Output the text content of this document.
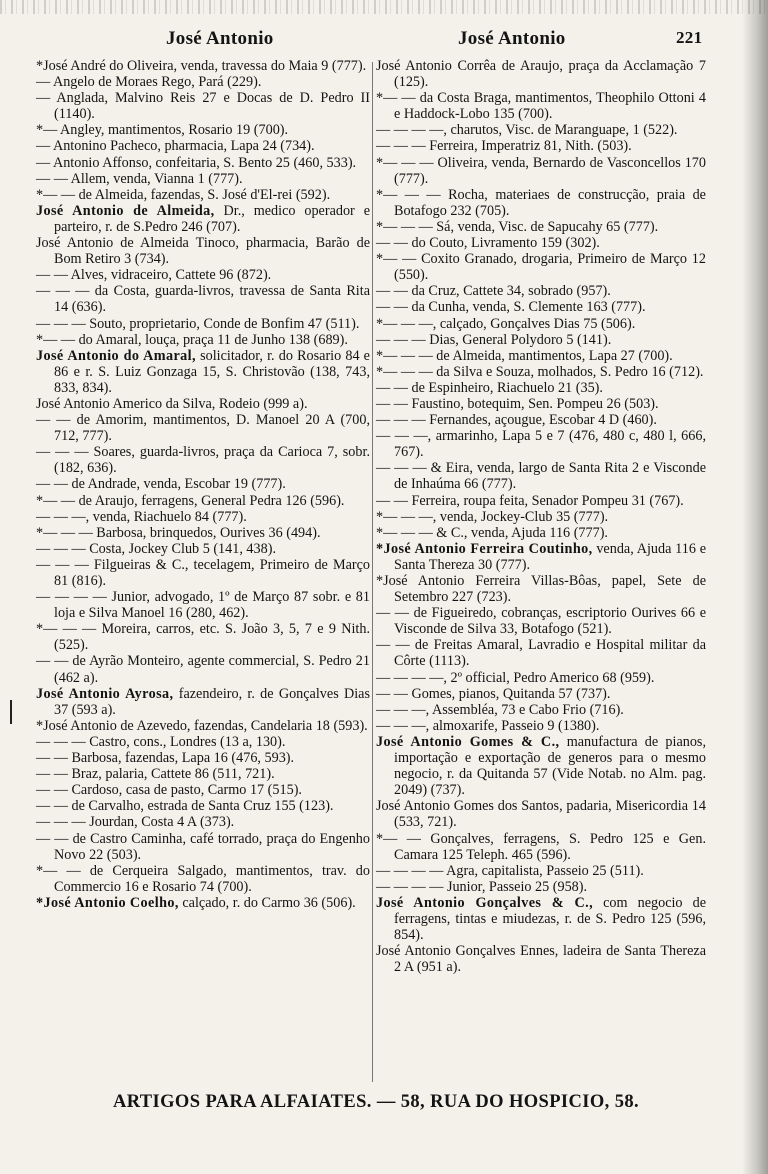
José Antonio	José Antonio	221

*José André do Oliveira, venda, travessa do Maia 9 (777).

— Angelo de Moraes Rego, Pará (229).

— Anglada, Malvino Reis 27 e Docas de D. Pedro II (1140).

*— Angley, mantimentos, Rosario 19 (700).

— Antonino Pacheco, pharmacia, Lapa 24 (734).

— Antonio Affonso, confeitaria, S. Bento 25 (460, 533).

— — Allem, venda, Vianna 1 (777).

*— — de Almeida, fazendas, S. José d'El-rei (592).

José Antonio de Almeida, Dr., medico operador e parteiro, r. de S.Pedro 246 (707).

José Antonio de Almeida Tinoco, pharmacia, Barão de Bom Retiro 3 (734).

— — Alves, vidraceiro, Cattete 96 (872).

— — — da Costa, guarda-livros, travessa de Santa Rita 14 (636).

— — — Souto, proprietario, Conde de Bonfim 47 (511).

*— — do Amaral, louça, praça 11 de Junho 138 (689).

José Antonio do Amaral, solicitador, r. do Rosario 84 e 86 e r. S. Luiz Gonzaga 15, S. Christovão (138, 743, 833, 834).

José Antonio Americo da Silva, Rodeio (999 a).

— — de Amorim, mantimentos, D. Manoel 20 A (700, 712, 777).

— — — Soares, guarda-livros, praça da Carioca 7, sobr. (182, 636).

— — de Andrade, venda, Escobar 19 (777).

*— — de Araujo, ferragens, General Pedra 126 (596).

— — —, venda, Riachuelo 84 (777).

*— — — Barbosa, brinquedos, Ourives 36 (494).

— — — Costa, Jockey Club 5 (141, 438).

— — — Filgueiras & C., tecelagem, Primeiro de Março 81 (816).

— — — — Junior, advogado, 1º de Março 87 sobr. e 81 loja e Silva Manoel 16 (280, 462).

*— — — Moreira, carros, etc. S. João 3, 5, 7 e 9 Nith. (525).

— — de Ayrão Monteiro, agente commercial, S. Pedro 21 (462 a).

José Antonio Ayrosa, fazendeiro, r. de Gonçalves Dias 37 (593 a).

*José Antonio de Azevedo, fazendas, Candelaria 18 (593).

— — — Castro, cons., Londres (13 a, 130).

— — Barbosa, fazendas, Lapa 16 (476, 593).

— — Braz, palaria, Cattete 86 (511, 721).

— — Cardoso, casa de pasto, Carmo 17 (515).

— — de Carvalho, estrada de Santa Cruz 155 (123).

— — — Jourdan, Costa 4 A (373).

— — de Castro Caminha, café torrado, praça do Engenho Novo 22 (503).

*— — de Cerqueira Salgado, mantimentos, trav. do Commercio 16 e Rosario 74 (700).

*José Antonio Coelho, calçado, r. do Carmo 36 (506).

José Antonio Corrêa de Araujo, praça da Acclamação 7 (125).

*— — da Costa Braga, mantimentos, Theophilo Ottoni 4 e Haddock-Lobo 135 (700).

— — — —, charutos, Visc. de Maranguape, 1 (522).

— — — Ferreira, Imperatriz 81, Nith. (503).

*— — — Oliveira, venda, Bernardo de Vasconcellos 170 (777).

*— — — Rocha, materiaes de construcção, praia de Botafogo 232 (705).

*— — — Sá, venda, Visc. de Sapucahy 65 (777).

— — do Couto, Livramento 159 (302).

*— — Coxito Granado, drogaria, Primeiro de Março 12 (550).

— — da Cruz, Cattete 34, sobrado (957).

— — da Cunha, venda, S. Clemente 163 (777).

*— — —, calçado, Gonçalves Dias 75 (506).

— — — Dias, General Polydoro 5 (141).

*— — — de Almeida, mantimentos, Lapa 27 (700).

*— — — da Silva e Souza, molhados, S. Pedro 16 (712).

— — de Espinheiro, Riachuelo 21 (35).

— — Faustino, botequim, Sen. Pompeu 26 (503).

— — — Fernandes, açougue, Escobar 4 D (460).

— — —, armarinho, Lapa 5 e 7 (476, 480 c, 480 l, 666, 767).

— — — & Eira, venda, largo de Santa Rita 2 e Visconde de Inhaúma 66 (777).

— — Ferreira, roupa feita, Senador Pompeu 31 (767).

*— — —, venda, Jockey-Club 35 (777).

*— — — & C., venda, Ajuda 116 (777).

*José Antonio Ferreira Coutinho, venda, Ajuda 116 e Santa Thereza 30 (777).

*José Antonio Ferreira Villas-Bôas, papel, Sete de Setembro 227 (723).

— — de Figueiredo, cobranças, escriptorio Ourives 66 e Visconde de Silva 33, Botafogo (521).

— — de Freitas Amaral, Lavradio e Hospital militar da Côrte (1113).

— — — —, 2º official, Pedro Americo 68 (959).

— — Gomes, pianos, Quitanda 57 (737).

— — —, Assembléa, 73 e Cabo Frio (716).

— — —, almoxarife, Passeio 9 (1380).

José Antonio Gomes & C., manufactura de pianos, importação e exportação de generos para o mesmo negocio, r. da Quitanda 57 (Vide Notab. no Alm. pag. 2049) (737).

José Antonio Gomes dos Santos, padaria, Misericordia 14 (533, 721).

*— — Gonçalves, ferragens, S. Pedro 125 e Gen. Camara 125 Teleph. 465 (596).

— — — — Agra, capitalista, Passeio 25 (511).

— — — — Junior, Passeio 25 (958).

José Antonio Gonçalves & C., com negocio de ferragens, tintas e miudezas, r. de S. Pedro 125 (596, 854).

José Antonio Gonçalves Ennes, ladeira de Santa Thereza 2 A (951 a).

ARTIGOS PARA ALFAIATES. — 58, RUA DO HOSPICIO, 58.
